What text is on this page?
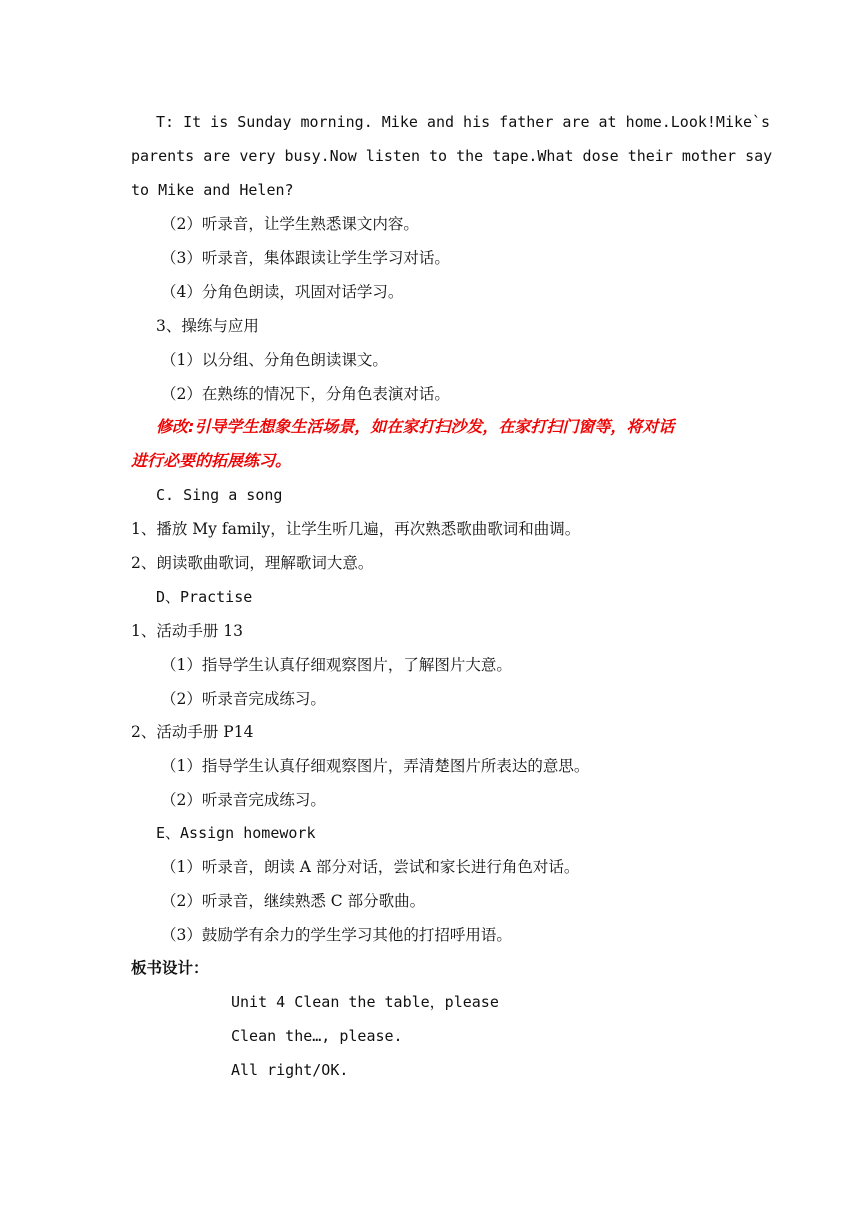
T: It is Sunday morning. Mike and his father are at home.Look!Mike`s

parents are very busy.Now listen to the tape.What dose their mother say

to Mike and Helen?

（2）听录音，让学生熟悉课文内容。

（3）听录音，集体跟读让学生学习对话。

（4）分角色朗读，巩固对话学习。

3、操练与应用

（1）以分组、分角色朗读课文。

（2）在熟练的情况下，分角色表演对话。

修改:引导学生想象生活场景，如在家打扫沙发，在家打扫门窗等，将对话

进行必要的拓展练习。

C. Sing a song

1、播放 My family，让学生听几遍，再次熟悉歌曲歌词和曲调。

2、朗读歌曲歌词，理解歌词大意。

D、Practise

1、活动手册 13

（1）指导学生认真仔细观察图片，了解图片大意。

（2）听录音完成练习。

2、活动手册 P14

（1）指导学生认真仔细观察图片，弄清楚图片所表达的意思。

（2）听录音完成练习。

E、Assign homework

（1）听录音，朗读 A 部分对话，尝试和家长进行角色对话。

（2）听录音，继续熟悉 C 部分歌曲。

（3）鼓励学有余力的学生学习其他的打招呼用语。

板书设计：

Unit 4 Clean the table，please

Clean the…, please.

All right/OK.
